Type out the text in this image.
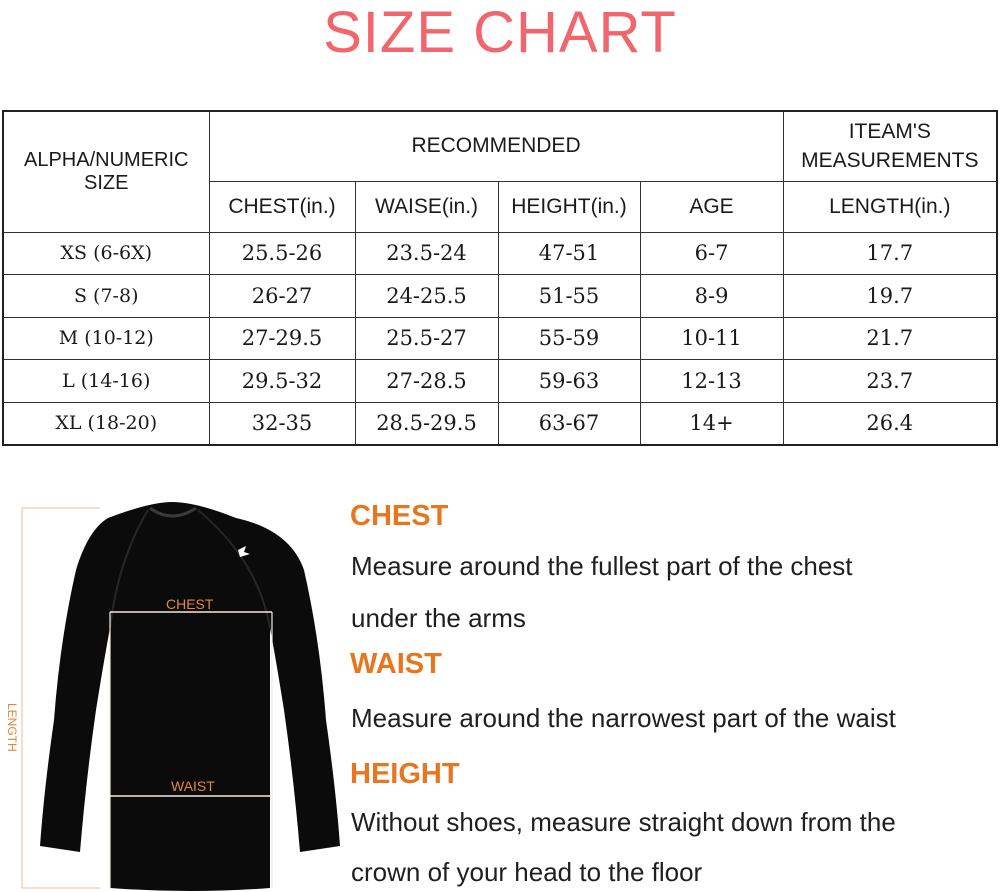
SIZE CHART
ALPHA/NUMERIC SIZE	RECOMMENDED				ITEAM'S MEASUREMENTS
	CHEST(in.)	WAISE(in.)	HEIGHT(in.)	AGE	LENGTH(in.)
XS (6-6X)	25.5-26	23.5-24	47-51	6-7	17.7
S (7-8)	26-27	24-25.5	51-55	8-9	19.7
M (10-12)	27-29.5	25.5-27	55-59	10-11	21.7
L (14-16)	29.5-32	27-28.5	59-63	12-13	23.7
XL (18-20)	32-35	28.5-29.5	63-67	14+	26.4
CHEST
WAIST
LENGTH
CHEST
Measure around the fullest part of the chest
under the arms
WAIST
Measure around the narrowest part of the waist
HEIGHT
Without shoes, measure straight down from the
crown of your head to the floor
